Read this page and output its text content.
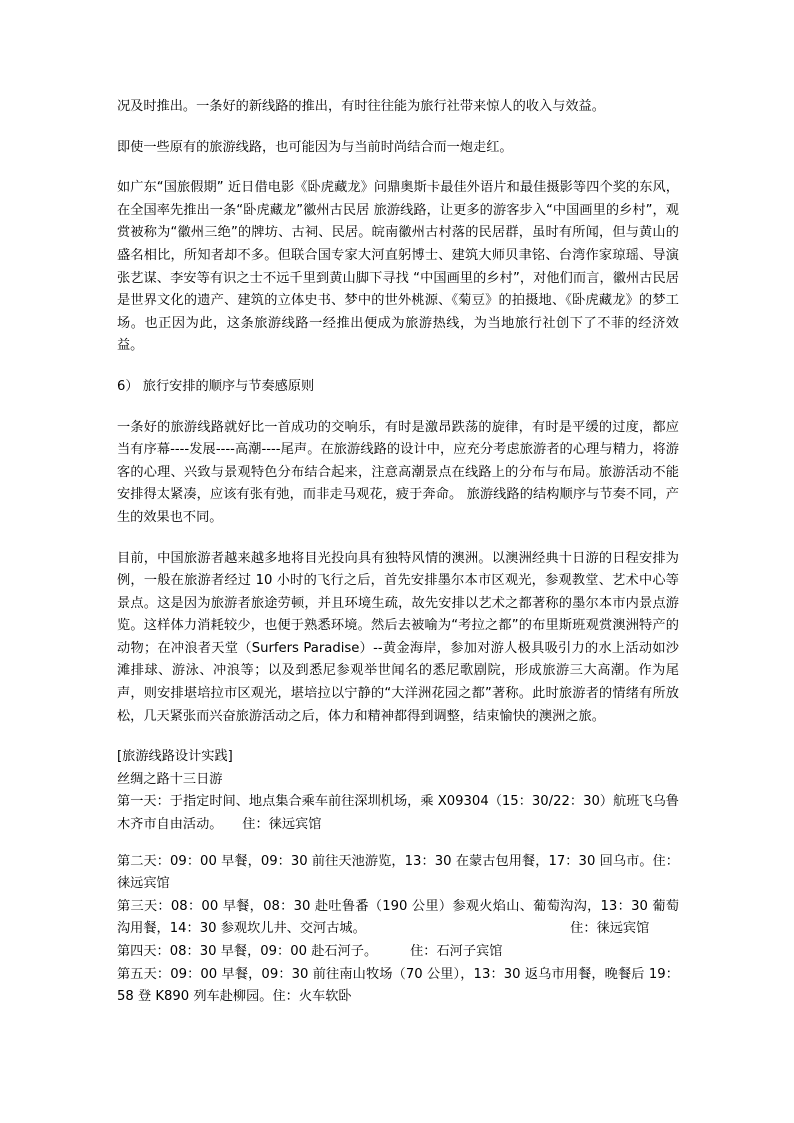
况及时推出。一条好的新线路的推出，有时往往能为旅行社带来惊人的收入与效益。

即使一些原有的旅游线路，也可能因为与当前时尚结合而一炮走红。

如广东“国旅假期” 近日借电影《卧虎藏龙》问鼎奥斯卡最佳外语片和最佳摄影等四个奖的东风，在全国率先推出一条“卧虎藏龙”徽州古民居 旅游线路，让更多的游客步入“中国画里的乡村”，观赏被称为“徽州三绝”的牌坊、古祠、民居。皖南徽州古村落的民居群，虽时有所闻，但与黄山的盛名相比，所知者却不多。但联合国专家大河直躬博士、建筑大师贝聿铭、台湾作家琼瑶、导演张艺谋、李安等有识之士不远千里到黄山脚下寻找 “中国画里的乡村”，对他们而言，徽州古民居是世界文化的遗产、建筑的立体史书、梦中的世外桃源、《菊豆》的拍摄地、《卧虎藏龙》的梦工场。也正因为此，这条旅游线路一经推出便成为旅游热线，为当地旅行社创下了不菲的经济效益。

6） 旅行安排的顺序与节奏感原则

一条好的旅游线路就好比一首成功的交响乐，有时是激昂跌荡的旋律，有时是平缓的过度，都应当有序幕----发展----高潮----尾声。在旅游线路的设计中，应充分考虑旅游者的心理与精力，将游客的心理、兴致与景观特色分布结合起来，注意高潮景点在线路上的分布与布局。旅游活动不能安排得太紧凑，应该有张有弛，而非走马观花，疲于奔命。 旅游线路的结构顺序与节奏不同，产生的效果也不同。

目前，中国旅游者越来越多地将目光投向具有独特风情的澳洲。以澳洲经典十日游的日程安排为例，一般在旅游者经过 10 小时的飞行之后，首先安排墨尔本市区观光，参观教堂、艺术中心等景点。这是因为旅游者旅途劳顿，并且环境生疏，故先安排以艺术之都著称的墨尔本市内景点游览。这样体力消耗较少，也便于熟悉环境。然后去被喻为“考拉之都”的布里斯班观赏澳洲特产的动物；在冲浪者天堂（Surfers Paradise）--黄金海岸，参加对游人极具吸引力的水上活动如沙滩排球、游泳、冲浪等；以及到悉尼参观举世闻名的悉尼歌剧院，形成旅游三大高潮。作为尾声，则安排堪培拉市区观光，堪培拉以宁静的“大洋洲花园之都”著称。此时旅游者的情绪有所放松，几天紧张而兴奋旅游活动之后，体力和精神都得到调整，结束愉快的澳洲之旅。

[旅游线路设计实践]

丝绸之路十三日游

第一天：于指定时间、地点集合乘车前往深圳机场，乘 X09304（15：30/22：30）航班飞乌鲁木齐市自由活动。　　住：徕远宾馆

第二天：09：00 早餐，09：30 前往天池游览，13：30 在蒙古包用餐，17：30 回乌市。住：徕远宾馆

第三天：08：00 早餐，08：30 赴吐鲁番（190 公里）参观火焰山、葡萄沟沟，13：30 葡萄沟用餐，14：30 参观坎儿井、交河古城。　　　　　　　　　　　　　　　　住：徕远宾馆

第四天：08：30 早餐，09：00 赴石河子。　　　住：石河子宾馆

第五天：09：00 早餐，09：30 前往南山牧场（70 公里），13：30 返乌市用餐，晚餐后 19：58 登 K890 列车赴柳园。住：火车软卧
